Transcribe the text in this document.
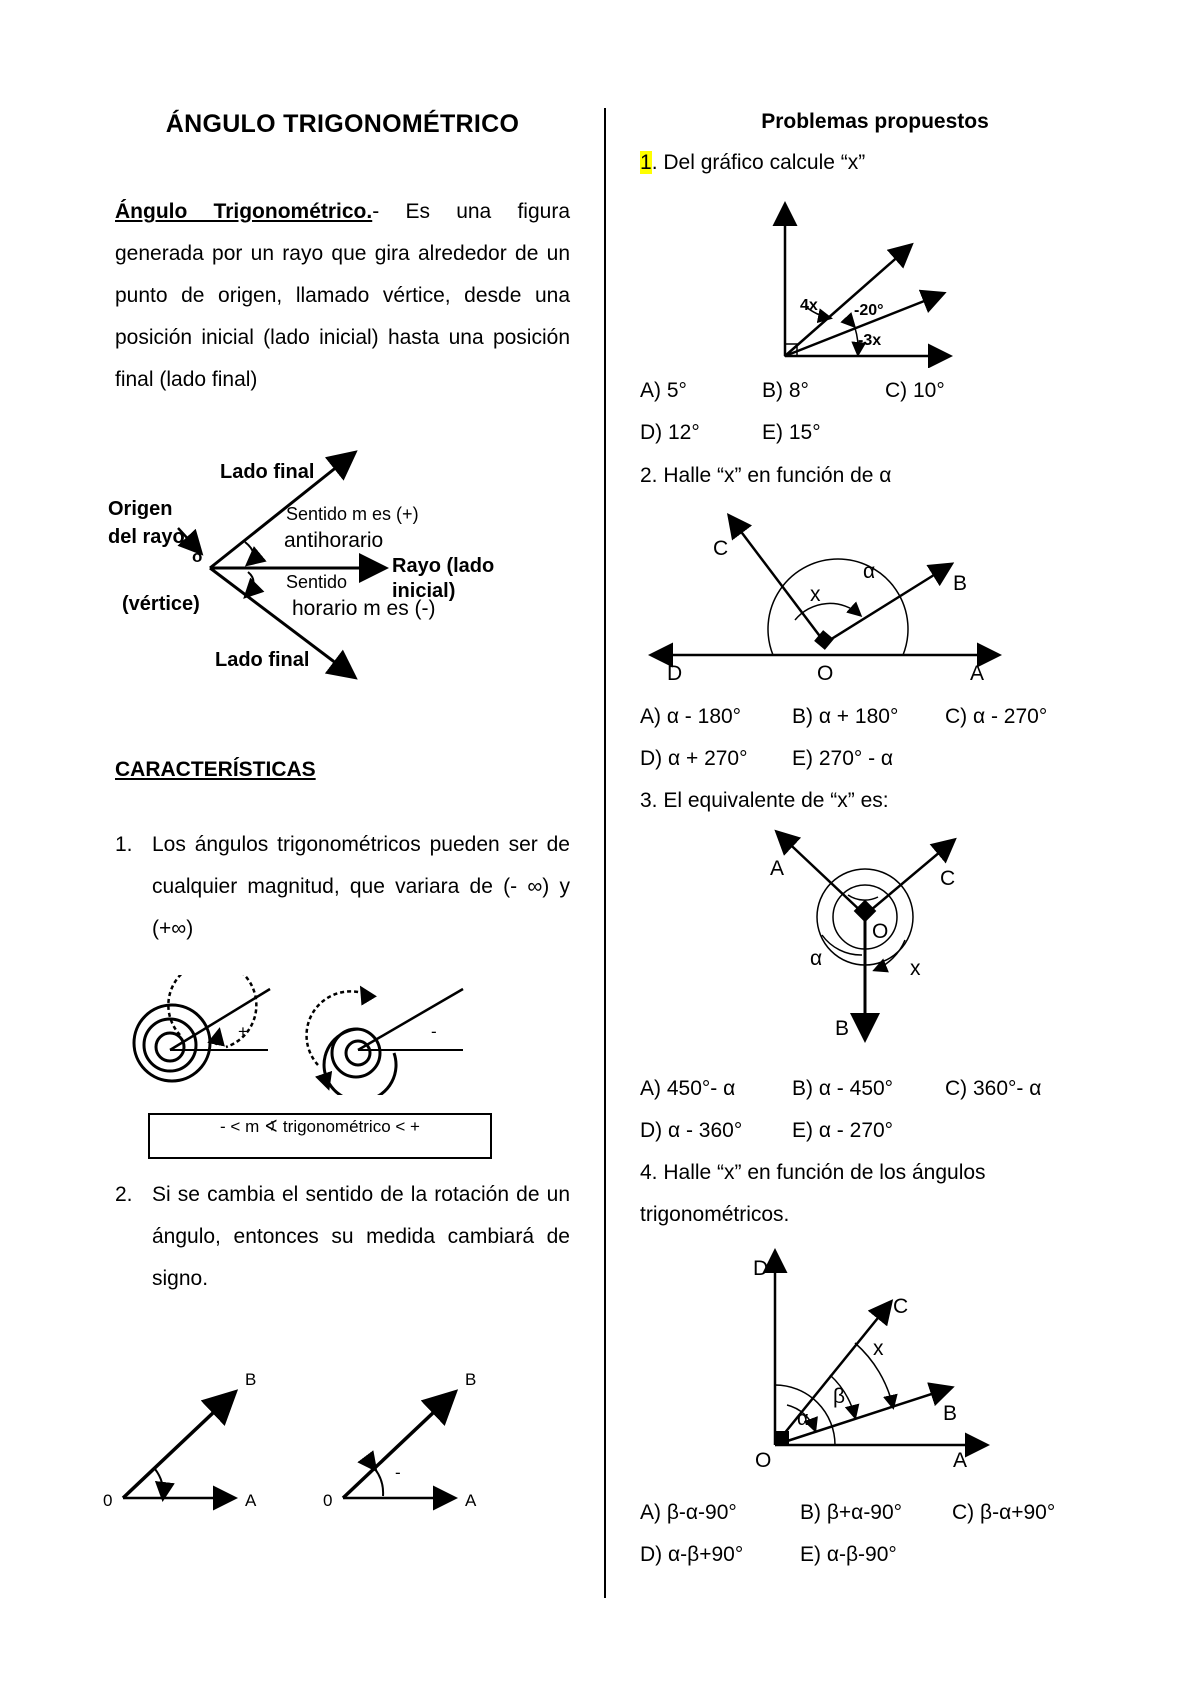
ÁNGULO TRIGONOMÉTRICO

Ángulo Trigonométrico.- Es una figura generada por un rayo que gira alrededor de un punto de origen, llamado vértice, desde una posición inicial (lado inicial) hasta una posición final (lado final)

Lado final
Origen
del rayo
o
Sentido m es (+)
antihorario
Rayo (lado
inicial)
Sentido
horario m es (-)
(vértice)
Lado final

CARACTERÍSTICAS

1. Los ángulos trigonométricos pueden ser de cualquier magnitud, que variara de (- ∞) y (+∞)
+	-
- < m ∢ trigonométrico < +
2. Si se cambia el sentido de la rotación de un ángulo, entonces su medida cambiará de signo.
B
0	A
-
B
0	A

Problemas propuestos

1. Del gráfico calcule “x”

4x -20°
-3x
A) 5°	B) 8°	C) 10°
D) 12°	E) 15°

2. Halle “x” en función de α

C
α
x	B
D	O	A
A) α - 180° B) α + 180° C) α - 270°
D) α + 270° E) 270° - α

3. El equivalente de “x” es:

A	C
O
α	x
B
A) 450°- α	B) α - 450° C) 360°- α
D) α - 360° E) α - 270°

4. Halle “x” en función de los ángulos

trigonométricos.

D
C
x
β
B
α
O	A
A) β-α-90°	B) β+α-90° C) β-α+90°
D) α-β+90°	E) α-β-90°
